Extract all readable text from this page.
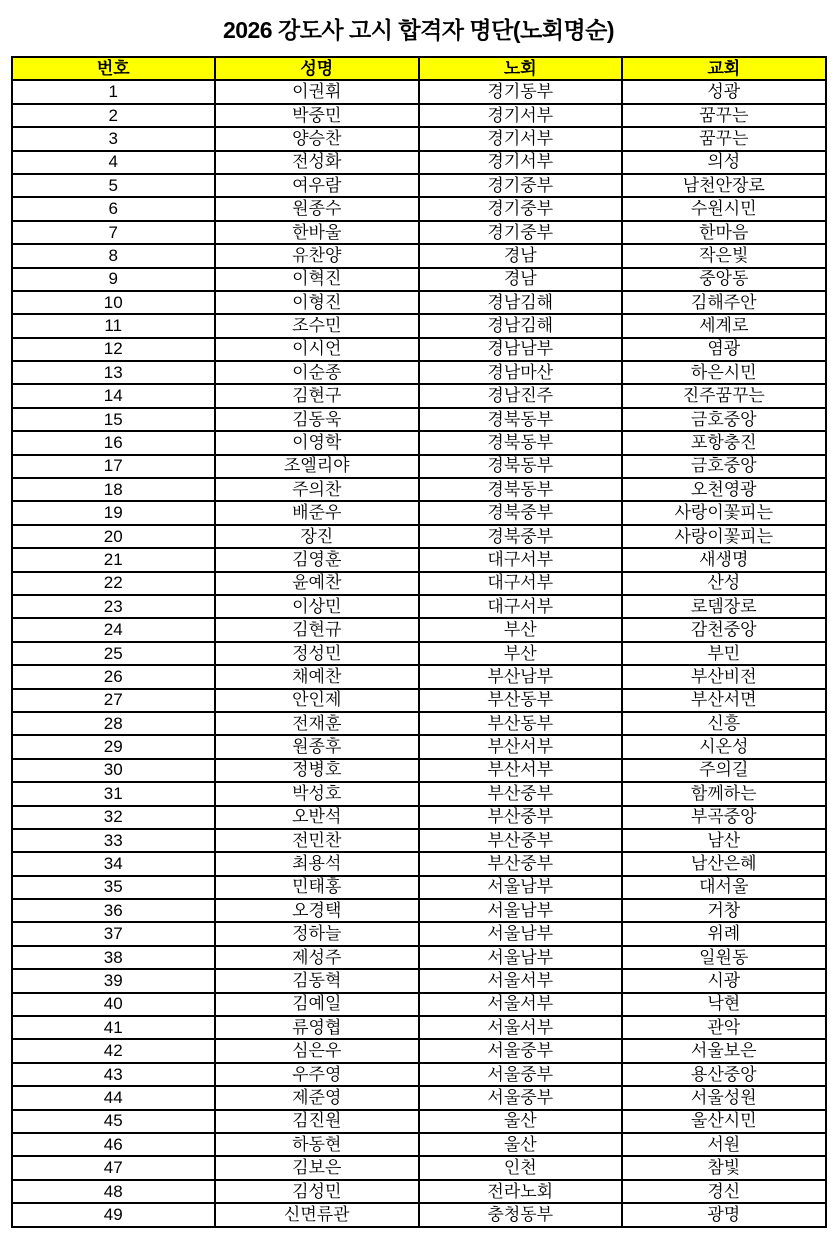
2026 강도사 고시 합격자 명단(노회명순)
번호	성명	노회	교회
1	이권휘	경기동부	성광
2	박중민	경기서부	꿈꾸는
3	양승찬	경기서부	꿈꾸는
4	전성화	경기서부	의성
5	여우람	경기중부	남천안장로
6	원종수	경기중부	수원시민
7	한바울	경기중부	한마음
8	유찬양	경남	작은빛
9	이혁진	경남	중앙동
10	이형진	경남김해	김해주안
11	조수민	경남김해	세계로
12	이시언	경남남부	염광
13	이순종	경남마산	하은시민
14	김현구	경남진주	진주꿈꾸는
15	김동욱	경북동부	금호중앙
16	이영학	경북동부	포항충진
17	조엘리야	경북동부	금호중앙
18	주의찬	경북동부	오천영광
19	배준우	경북중부	사랑이꽃피는
20	장진	경북중부	사랑이꽃피는
21	김영훈	대구서부	새생명
22	윤예찬	대구서부	산성
23	이상민	대구서부	로뎀장로
24	김현규	부산	감천중앙
25	정성민	부산	부민
26	채예찬	부산남부	부산비전
27	안인제	부산동부	부산서면
28	전재훈	부산동부	신흥
29	원종후	부산서부	시온성
30	정병호	부산서부	주의길
31	박성호	부산중부	함께하는
32	오반석	부산중부	부곡중앙
33	전민찬	부산중부	남산
34	최용석	부산중부	남산은혜
35	민태홍	서울남부	대서울
36	오경택	서울남부	거창
37	정하늘	서울남부	위례
38	제성주	서울남부	일원동
39	김동혁	서울서부	시광
40	김예일	서울서부	낙현
41	류영협	서울서부	관악
42	심은우	서울중부	서울보은
43	우주영	서울중부	용산중앙
44	제준영	서울중부	서울성원
45	김진원	울산	울산시민
46	하동현	울산	서원
47	김보은	인천	참빛
48	김성민	전라노회	경신
49	신면류관	충청동부	광명
